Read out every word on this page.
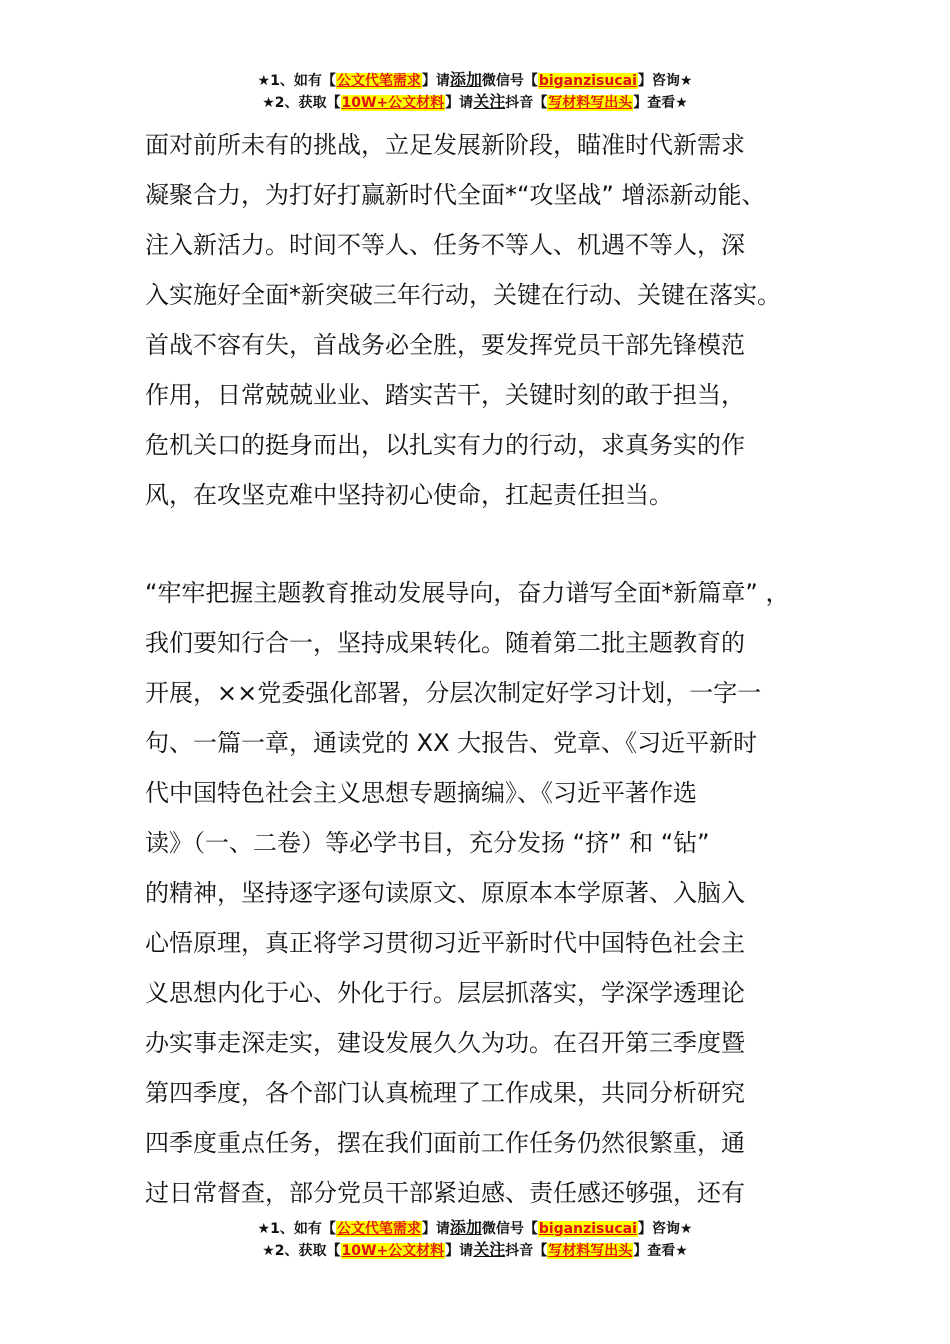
★1、如有【公文代笔需求】请添加微信号【biganzisucai】咨询★
★2、获取【10W+公文材料】请关注抖音【写材料写出头】查看★
面对前所未有的挑战，立足发展新阶段，瞄准时代新需求
凝聚合力，为打好打赢新时代全面*“攻坚战” 增添新动能、
注入新活力。时间不等人、任务不等人、机遇不等人，深
入实施好全面*新突破三年行动，关键在行动、关键在落实。
首战不容有失，首战务必全胜，要发挥党员干部先锋模范
作用，日常兢兢业业、踏实苦干，关键时刻的敢于担当，
危机关口的挺身而出，以扎实有力的行动，求真务实的作
风，在攻坚克难中坚持初心使命，扛起责任担当。
“牢牢把握主题教育推动发展导向，奋力谱写全面*新篇章” ，
我们要知行合一，坚持成果转化。随着第二批主题教育的
开展，××党委强化部署，分层次制定好学习计划，一字一
句、一篇一章，通读党的 XX 大报告、党章、《习近平新时
代中国特色社会主义思想专题摘编》、《习近平著作选
读》（一、二卷）等必学书目，充分发扬 “挤” 和 “钻”
的精神，坚持逐字逐句读原文、原原本本学原著、入脑入
心悟原理，真正将学习贯彻习近平新时代中国特色社会主
义思想内化于心、外化于行。层层抓落实，学深学透理论
办实事走深走实，建设发展久久为功。在召开第三季度暨
第四季度，各个部门认真梳理了工作成果，共同分析研究
四季度重点任务，摆在我们面前工作任务仍然很繁重，通
过日常督查，部分党员干部紧迫感、责任感还够强，还有
★1、如有【公文代笔需求】请添加微信号【biganzisucai】咨询★
★2、获取【10W+公文材料】请关注抖音【写材料写出头】查看★
